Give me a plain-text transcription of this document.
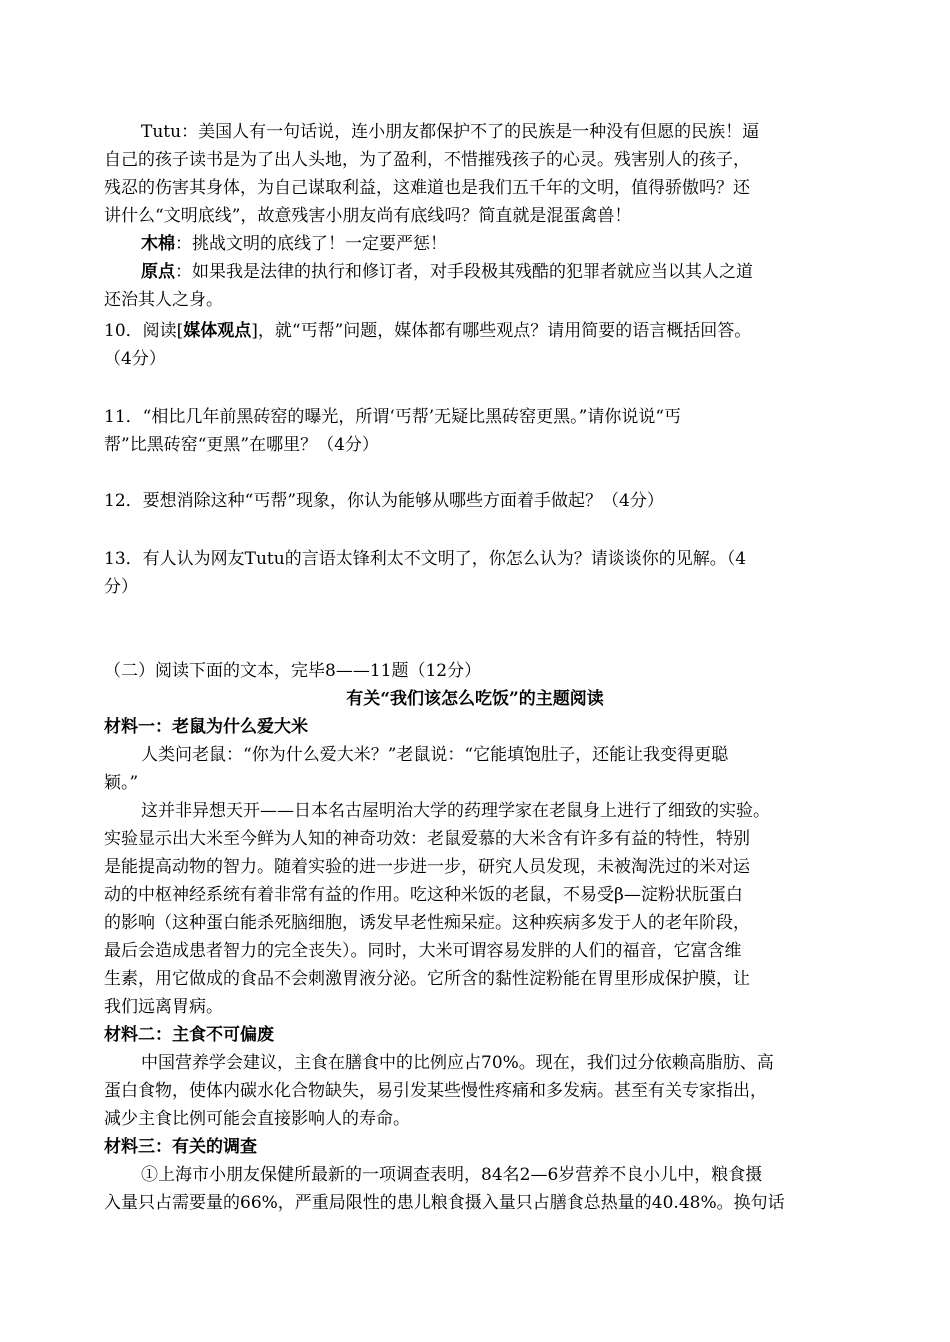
Tutu：美国人有一句话说，连小朋友都保护不了的民族是一种没有但愿的民族！逼
自己的孩子读书是为了出人头地，为了盈利，不惜摧残孩子的心灵。残害别人的孩子，
残忍的伤害其身体，为自己谋取利益，这难道也是我们五千年的文明，值得骄傲吗？还
讲什么“文明底线”，故意残害小朋友尚有底线吗？简直就是混蛋禽兽！
木棉：挑战文明的底线了！一定要严惩！
原点：如果我是法律的执行和修订者，对手段极其残酷的犯罪者就应当以其人之道
还治其人之身。
10．阅读[媒体观点]，就“丐帮”问题，媒体都有哪些观点？请用简要的语言概括回答。
（4分）
11．“相比几年前黑砖窑的曝光，所谓‘丐帮’无疑比黑砖窑更黑。”请你说说“丐
帮”比黑砖窑“更黑”在哪里？（4分）
12．要想消除这种“丐帮”现象，你认为能够从哪些方面着手做起？（4分）
13．有人认为网友Tutu的言语太锋利太不文明了，你怎么认为？请谈谈你的见解。（4
分）
（二）阅读下面的文本，完毕8——11题（12分）
有关“我们该怎么吃饭”的主题阅读
材料一：老鼠为什么爱大米
人类问老鼠：“你为什么爱大米？”老鼠说：“它能填饱肚子，还能让我变得更聪
颖。”
这并非异想天开——日本名古屋明治大学的药理学家在老鼠身上进行了细致的实验。
实验显示出大米至今鲜为人知的神奇功效：老鼠爱慕的大米含有许多有益的特性，特别
是能提高动物的智力。随着实验的进一步进一步，研究人员发现，未被淘洗过的米对运
动的中枢神经系统有着非常有益的作用。吃这种米饭的老鼠，不易受β—淀粉状朊蛋白
的影响（这种蛋白能杀死脑细胞，诱发早老性痴呆症。这种疾病多发于人的老年阶段，
最后会造成患者智力的完全丧失）。同时，大米可谓容易发胖的人们的福音，它富含维
生素，用它做成的食品不会刺激胃液分泌。它所含的黏性淀粉能在胃里形成保护膜，让
我们远离胃病。
材料二：主食不可偏废
中国营养学会建议，主食在膳食中的比例应占70%。现在，我们过分依赖高脂肪、高
蛋白食物，使体内碳水化合物缺失，易引发某些慢性疼痛和多发病。甚至有关专家指出，
减少主食比例可能会直接影响人的寿命。
材料三：有关的调查
①上海市小朋友保健所最新的一项调查表明，84名2—6岁营养不良小儿中，粮食摄
入量只占需要量的66%，严重局限性的患儿粮食摄入量只占膳食总热量的40.48%。换句话
